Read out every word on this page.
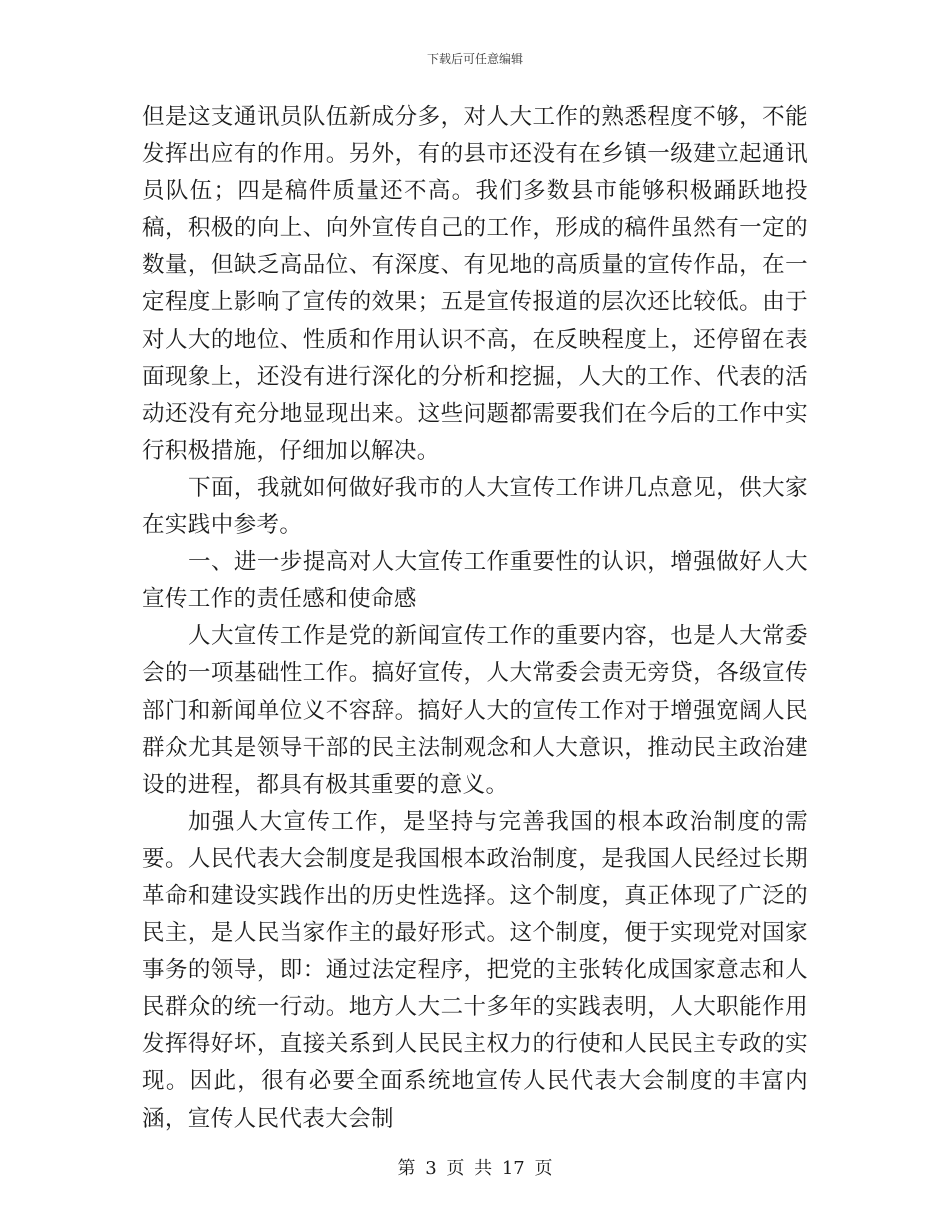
下载后可任意编辑

但是这支通讯员队伍新成分多，对人大工作的熟悉程度不够，不能发挥出应有的作用。另外，有的县市还没有在乡镇一级建立起通讯员队伍；四是稿件质量还不高。我们多数县市能够积极踊跃地投稿，积极的向上、向外宣传自己的工作，形成的稿件虽然有一定的数量，但缺乏高品位、有深度、有见地的高质量的宣传作品，在一定程度上影响了宣传的效果；五是宣传报道的层次还比较低。由于对人大的地位、性质和作用认识不高，在反映程度上，还停留在表面现象上，还没有进行深化的分析和挖掘，人大的工作、代表的活动还没有充分地显现出来。这些问题都需要我们在今后的工作中实行积极措施，仔细加以解决。

下面，我就如何做好我市的人大宣传工作讲几点意见，供大家在实践中参考。

一、进一步提高对人大宣传工作重要性的认识，增强做好人大宣传工作的责任感和使命感

人大宣传工作是党的新闻宣传工作的重要内容，也是人大常委会的一项基础性工作。搞好宣传，人大常委会责无旁贷，各级宣传部门和新闻单位义不容辞。搞好人大的宣传工作对于增强宽阔人民群众尤其是领导干部的民主法制观念和人大意识，推动民主政治建设的进程，都具有极其重要的意义。

加强人大宣传工作，是坚持与完善我国的根本政治制度的需要。人民代表大会制度是我国根本政治制度，是我国人民经过长期革命和建设实践作出的历史性选择。这个制度，真正体现了广泛的民主，是人民当家作主的最好形式。这个制度，便于实现党对国家事务的领导，即：通过法定程序，把党的主张转化成国家意志和人民群众的统一行动。地方人大二十多年的实践表明，人大职能作用发挥得好坏，直接关系到人民民主权力的行使和人民民主专政的实现。因此，很有必要全面系统地宣传人民代表大会制度的丰富内涵，宣传人民代表大会制

第 3 页 共 17 页
